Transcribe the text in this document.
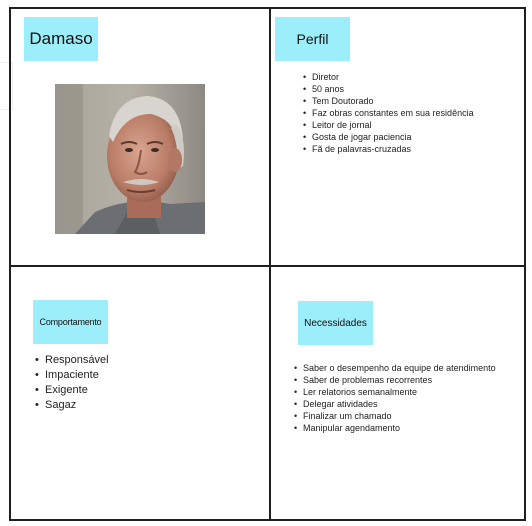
Damaso	Perfil
• Diretor
• 50 anos
• Tem Doutorado
• Faz obras constantes em sua residência
• Leitor de jornal
• Gosta de jogar paciencia
• Fã de palavras-cruzadas
Comportamento
• Responsável
• Impaciente
• Exigente
• Sagaz
Necessidades
• Saber o desempenho da equipe de atendimento
• Saber de problemas recorrentes
• Ler relatorios semanalmente
• Delegar atividades
• Finalizar um chamado
• Manipular agendamento
